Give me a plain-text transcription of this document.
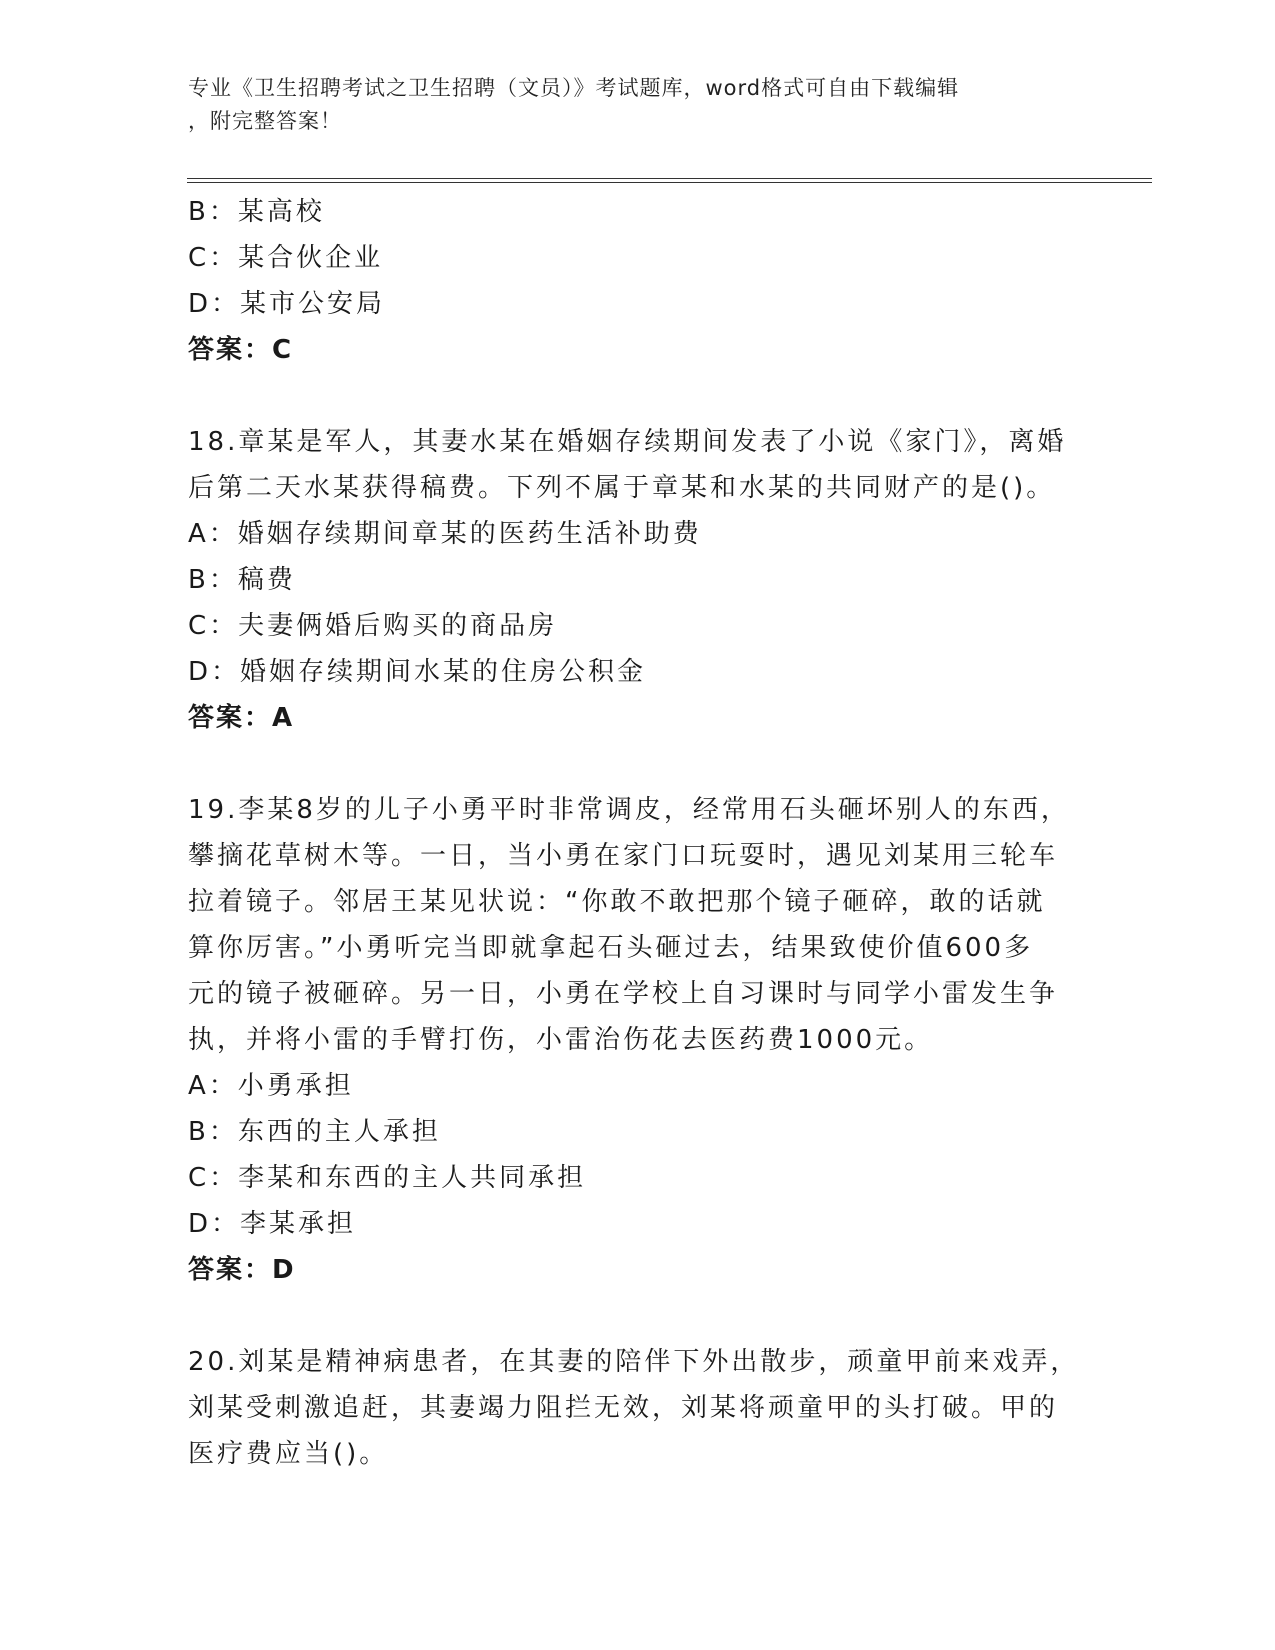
专业《卫生招聘考试之卫生招聘（文员）》考试题库，word格式可自由下载编辑
，附完整答案！
B：某高校
C：某合伙企业
D：某市公安局
答案：C
18.章某是军人，其妻水某在婚姻存续期间发表了小说《家门》，离婚
后第二天水某获得稿费。下列不属于章某和水某的共同财产的是()。
A：婚姻存续期间章某的医药生活补助费
B：稿费
C：夫妻俩婚后购买的商品房
D：婚姻存续期间水某的住房公积金
答案：A
19.李某8岁的儿子小勇平时非常调皮，经常用石头砸坏别人的东西，
攀摘花草树木等。一日，当小勇在家门口玩耍时，遇见刘某用三轮车
拉着镜子。邻居王某见状说：“你敢不敢把那个镜子砸碎，敢的话就
算你厉害。”小勇听完当即就拿起石头砸过去，结果致使价值600多
元的镜子被砸碎。另一日，小勇在学校上自习课时与同学小雷发生争
执，并将小雷的手臂打伤，小雷治伤花去医药费1000元。
A：小勇承担
B：东西的主人承担
C：李某和东西的主人共同承担
D：李某承担
答案：D
20.刘某是精神病患者，在其妻的陪伴下外出散步，顽童甲前来戏弄，
刘某受刺激追赶，其妻竭力阻拦无效，刘某将顽童甲的头打破。甲的
医疗费应当()。
